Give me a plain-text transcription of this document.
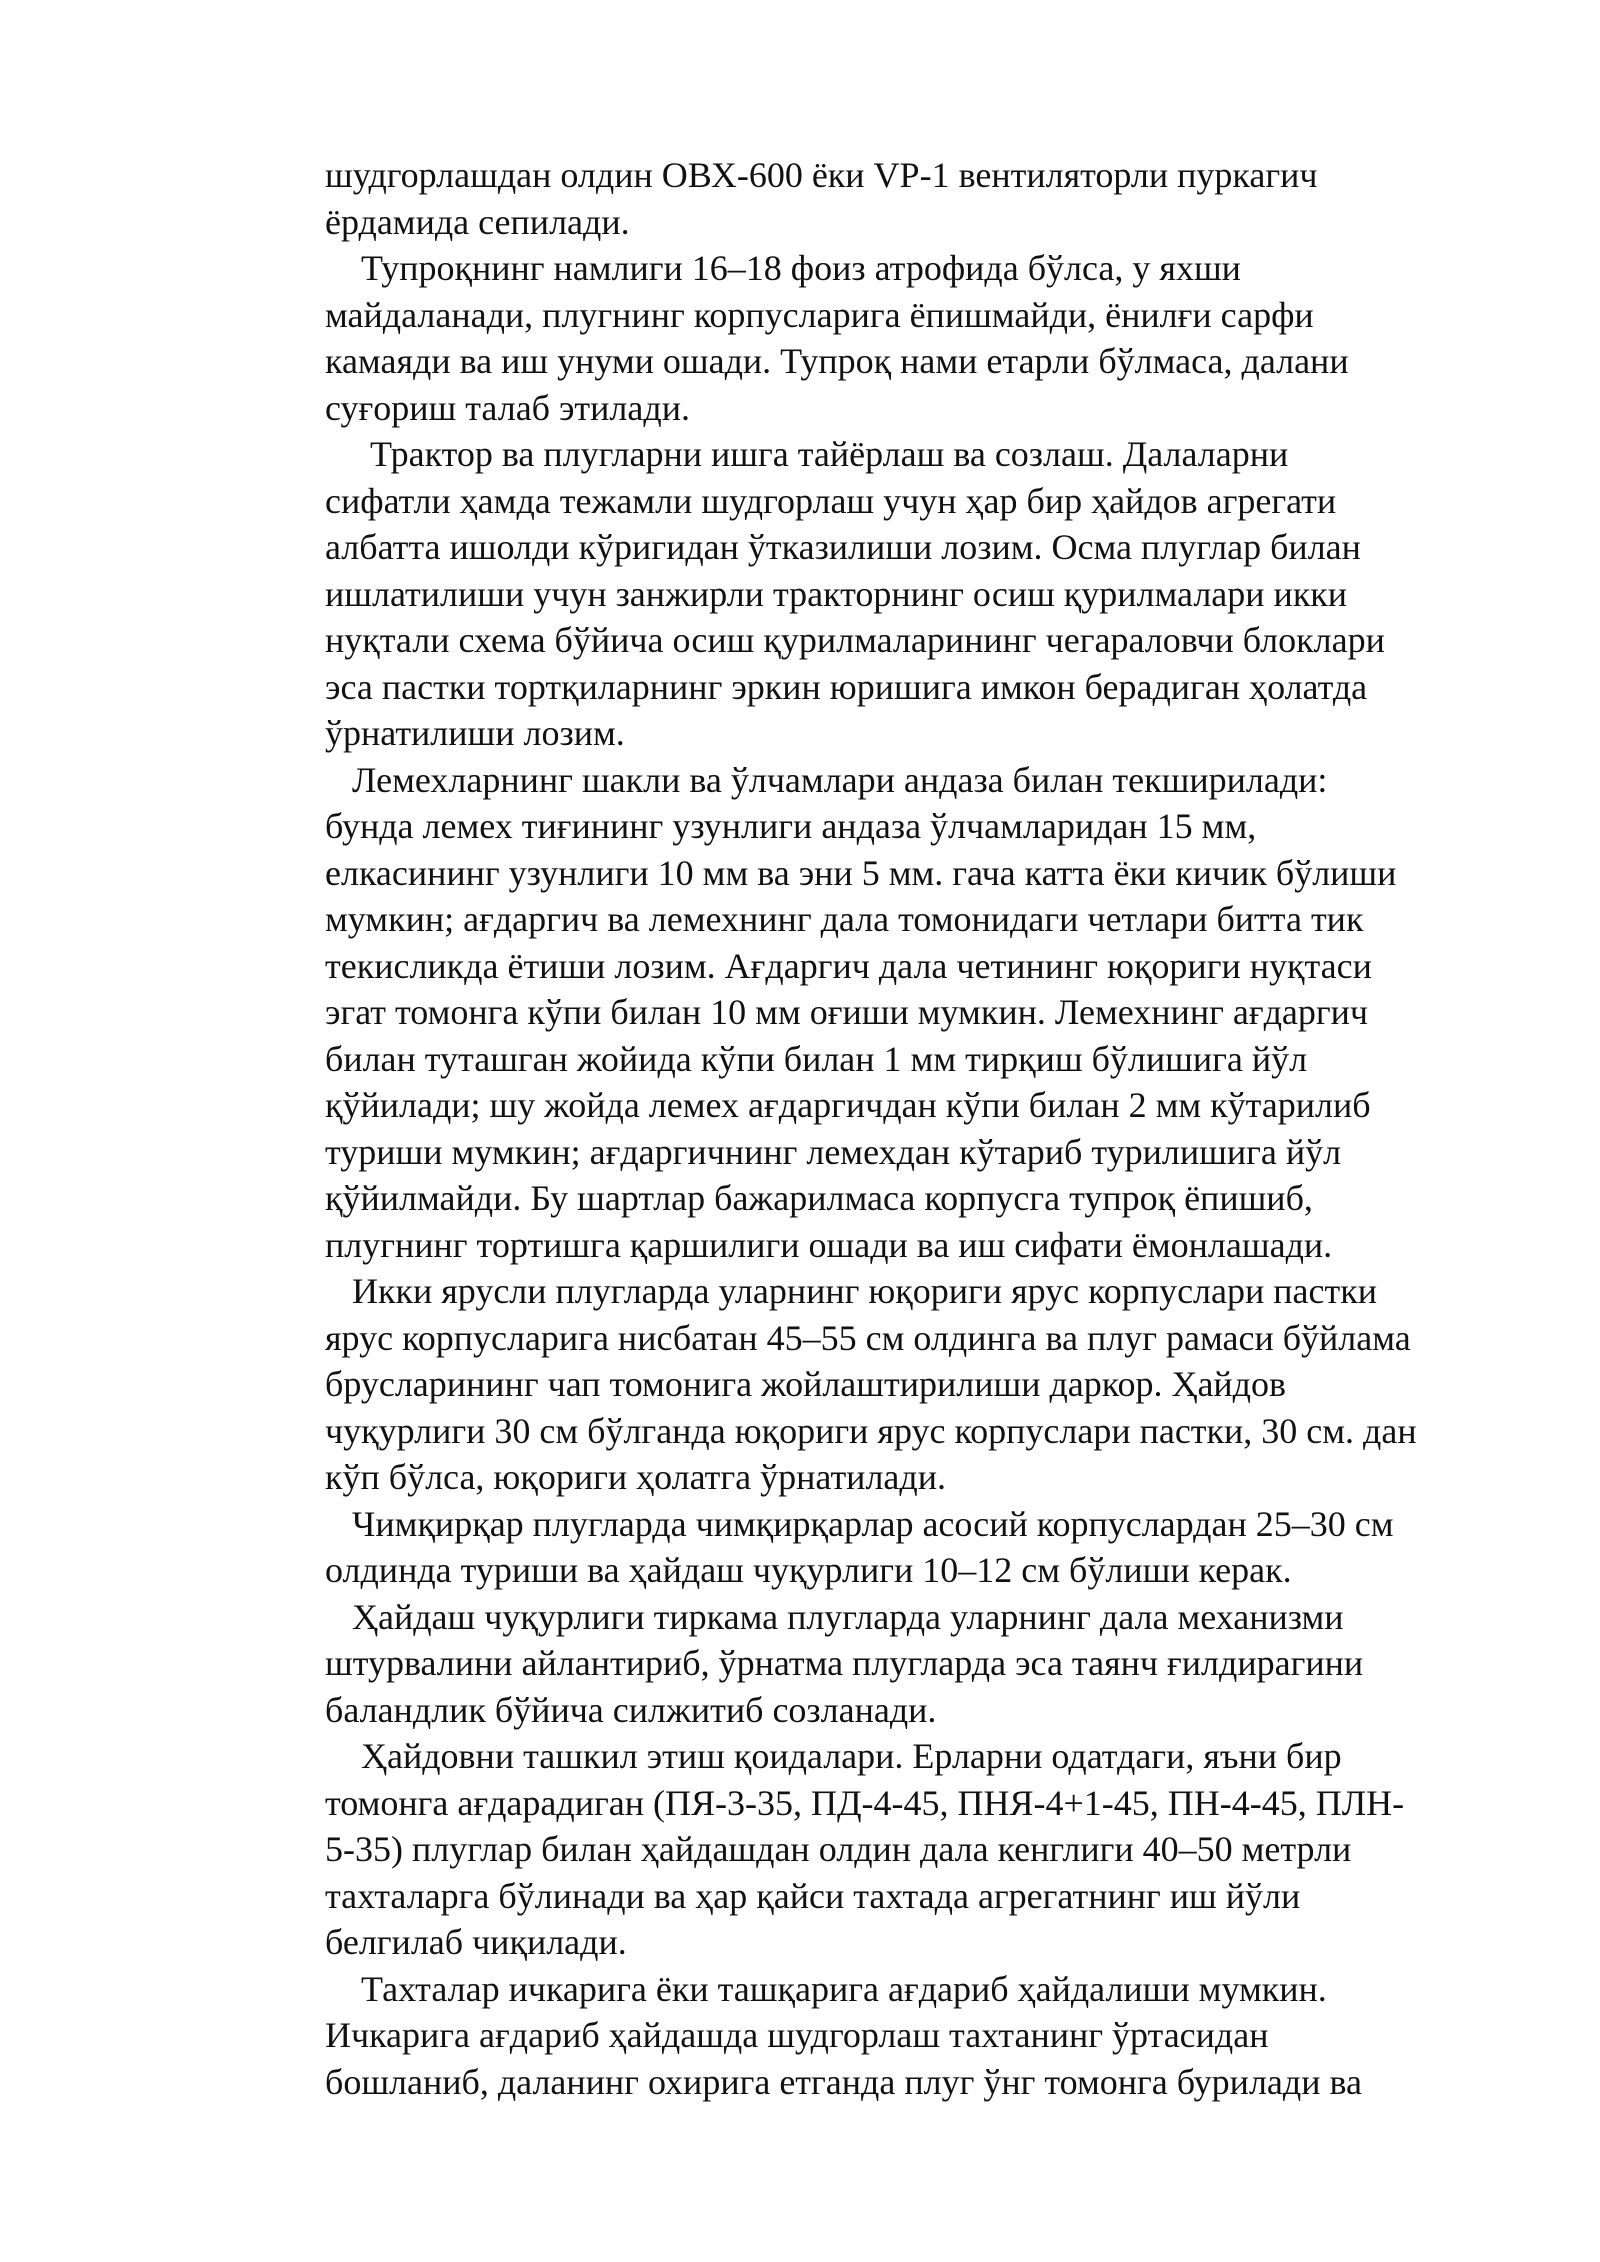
шудгорлашдан олдин ОВХ-600 ёки VP-1 вентиляторли пуркагич
ёрдамида сепилади.
Тупроқнинг намлиги 16–18 фоиз атрофида бўлса, у яхши
майдаланади, плугнинг корпусларига ёпишмайди, ёнилғи сарфи
камаяди ва иш унуми ошади. Тупроқ нами етарли бўлмаса, далани
суғориш талаб этилади.
Трактор ва плугларни ишга тайёрлаш ва созлаш. Далаларни
сифатли ҳамда тежамли шудгорлаш учун ҳар бир ҳайдов агрегати
албатта ишолди кўригидан ўтказилиши лозим. Осма плуглар билан
ишлатилиши учун занжирли тракторнинг осиш қурилмалари икки
нуқтали схема бўйича осиш қурилмаларининг чегараловчи блоклари
эса пастки тортқиларнинг эркин юришига имкон берадиган ҳолатда
ўрнатилиши лозим.
Лемехларнинг шакли ва ўлчамлари андаза билан текширилади:
бунда лемех тиғининг узунлиги андаза ўлчамларидан 15 мм,
елкасининг узунлиги 10 мм ва эни 5 мм. гача катта ёки кичик бўлиши
мумкин; ағдаргич ва лемехнинг дала томонидаги четлари битта тик
текисликда ётиши лозим. Ағдаргич дала четининг юқориги нуқтаси
эгат томонга кўпи билан 10 мм оғиши мумкин. Лемехнинг ағдаргич
билан туташган жойида кўпи билан 1 мм тирқиш бўлишига йўл
қўйилади; шу жойда лемех ағдаргичдан кўпи билан 2 мм кўтарилиб
туриши мумкин; ағдаргичнинг лемехдан кўтариб турилишига йўл
қўйилмайди. Бу шартлар бажарилмаса корпусга тупроқ ёпишиб,
плугнинг тортишга қаршилиги ошади ва иш сифати ёмонлашади.
Икки ярусли плугларда уларнинг юқориги ярус корпуслари пастки
ярус корпусларига нисбатан 45–55 см олдинга ва плуг рамаси бўйлама
брусларининг чап томонига жойлаштирилиши даркор. Ҳайдов
чуқурлиги 30 см бўлганда юқориги ярус корпуслари пастки, 30 см. дан
кўп бўлса, юқориги ҳолатга ўрнатилади.
Чимқирқар плугларда чимқирқарлар асосий корпуслардан 25–30 см
олдинда туриши ва ҳайдаш чуқурлиги 10–12 см бўлиши керак.
Ҳайдаш чуқурлиги тиркама плугларда уларнинг дала механизми
штурвалини айлантириб, ўрнатма плугларда эса таянч ғилдирагини
баландлик бўйича силжитиб созланади.
Ҳайдовни ташкил этиш қоидалари. Ерларни одатдаги, яъни бир
томонга ағдарадиган (ПЯ-3-35, ПД-4-45, ПНЯ-4+1-45, ПН-4-45, ПЛН-
5-35) плуглар билан ҳайдашдан олдин дала кенглиги 40–50 метрли
тахталарга бўлинади ва ҳар қайси тахтада агрегатнинг иш йўли
белгилаб чиқилади.
Тахталар ичкарига ёки ташқарига ағдариб ҳайдалиши мумкин.
Ичкарига ағдариб ҳайдашда шудгорлаш тахтанинг ўртасидан
бошланиб, даланинг охирига етганда плуг ўнг томонга бурилади ва
